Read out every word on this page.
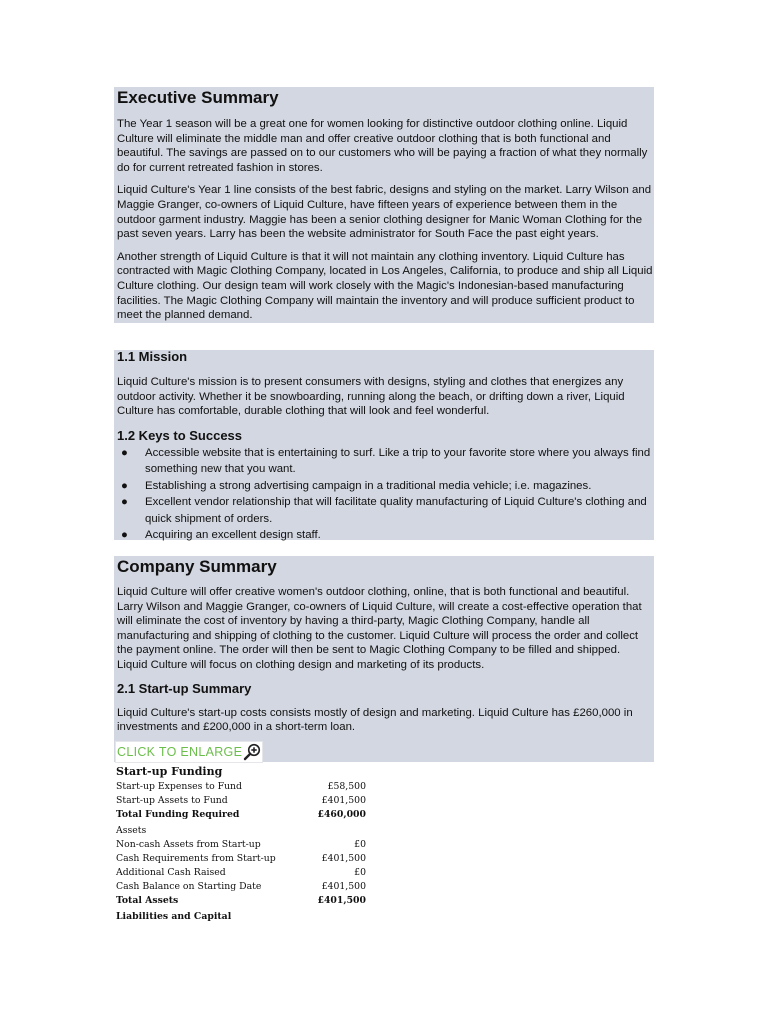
Executive Summary

The Year 1 season will be a great one for women looking for distinctive outdoor clothing online. Liquid Culture will eliminate the middle man and offer creative outdoor clothing that is both functional and beautiful. The savings are passed on to our customers who will be paying a fraction of what they normally do for current retreated fashion in stores.

Liquid Culture's Year 1 line consists of the best fabric, designs and styling on the market. Larry Wilson and Maggie Granger, co-owners of Liquid Culture, have fifteen years of experience between them in the outdoor garment industry. Maggie has been a senior clothing designer for Manic Woman Clothing for the past seven years. Larry has been the website administrator for South Face the past eight years.

Another strength of Liquid Culture is that it will not maintain any clothing inventory. Liquid Culture has contracted with Magic Clothing Company, located in Los Angeles, California, to produce and ship all Liquid Culture clothing. Our design team will work closely with the Magic's Indonesian-based manufacturing facilities. The Magic Clothing Company will maintain the inventory and will produce sufficient product to meet the planned demand.

1.1 Mission

Liquid Culture's mission is to present consumers with designs, styling and clothes that energizes any outdoor activity. Whether it be snowboarding, running along the beach, or drifting down a river, Liquid Culture has comfortable, durable clothing that will look and feel wonderful.

1.2 Keys to Success
● Accessible website that is entertaining to surf. Like a trip to your favorite store where you always find something new that you want.
● Establishing a strong advertising campaign in a traditional media vehicle; i.e. magazines.
● Excellent vendor relationship that will facilitate quality manufacturing of Liquid Culture's clothing and quick shipment of orders.
● Acquiring an excellent design staff.
Company Summary

Liquid Culture will offer creative women's outdoor clothing, online, that is both functional and beautiful. Larry Wilson and Maggie Granger, co-owners of Liquid Culture, will create a cost-effective operation that will eliminate the cost of inventory by having a third-party, Magic Clothing Company, handle all manufacturing and shipping of clothing to the customer. Liquid Culture will process the order and collect the payment online. The order will then be sent to Magic Clothing Company to be filled and shipped. Liquid Culture will focus on clothing design and marketing of its products.

2.1 Start-up Summary

Liquid Culture's start-up costs consists mostly of design and marketing. Liquid Culture has £260,000 in investments and £200,000 in a short-term loan.

CLICK TO ENLARGE
Start-up Funding
Start-up Expenses to Fund	£58,500
Start-up Assets to Fund	£401,500
Total Funding Required	£460,000
Assets
Non-cash Assets from Start-up	£0
Cash Requirements from Start-up	£401,500
Additional Cash Raised	£0
Cash Balance on Starting Date	£401,500
Total Assets	£401,500
Liabilities and Capital
